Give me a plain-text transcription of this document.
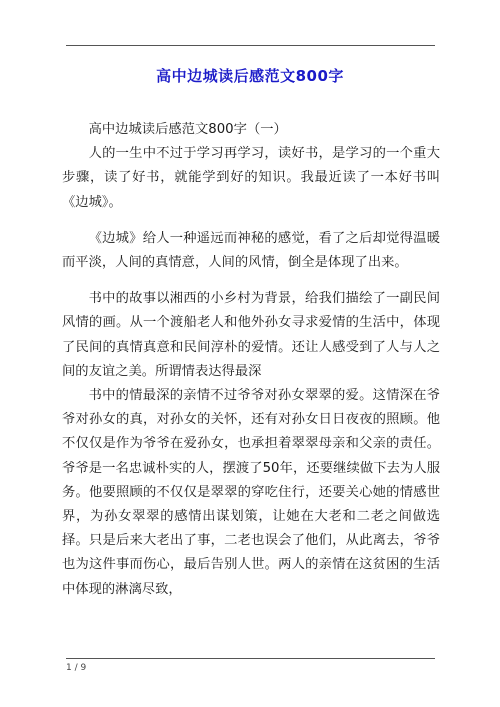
高中边城读后感范文800字

高中边城读后感范文800字（一）

人的一生中不过于学习再学习，读好书，是学习的一个重大步骤，读了好书，就能学到好的知识。我最近读了一本好书叫《边城》。

《边城》给人一种遥远而神秘的感觉，看了之后却觉得温暖而平淡，人间的真情意，人间的风情，倒全是体现了出来。

书中的故事以湘西的小乡村为背景，给我们描绘了一副民间风情的画。从一个渡船老人和他外孙女寻求爱情的生活中，体现了民间的真情真意和民间淳朴的爱情。还让人感受到了人与人之间的友谊之美。所谓情表达得最深

书中的情最深的亲情不过爷爷对孙女翠翠的爱。这情深在爷爷对孙女的真，对孙女的关怀，还有对孙女日日夜夜的照顾。他不仅仅是作为爷爷在爱孙女，也承担着翠翠母亲和父亲的责任。爷爷是一名忠诚朴实的人，摆渡了50年，还要继续做下去为人服务。他要照顾的不仅仅是翠翠的穿吃住行，还要关心她的情感世界，为孙女翠翠的感情出谋划策，让她在大老和二老之间做选择。只是后来大老出了事，二老也误会了他们，从此离去，爷爷也为这件事而伤心，最后告别人世。两人的亲情在这贫困的生活中体现的淋漓尽致，

1 / 9
